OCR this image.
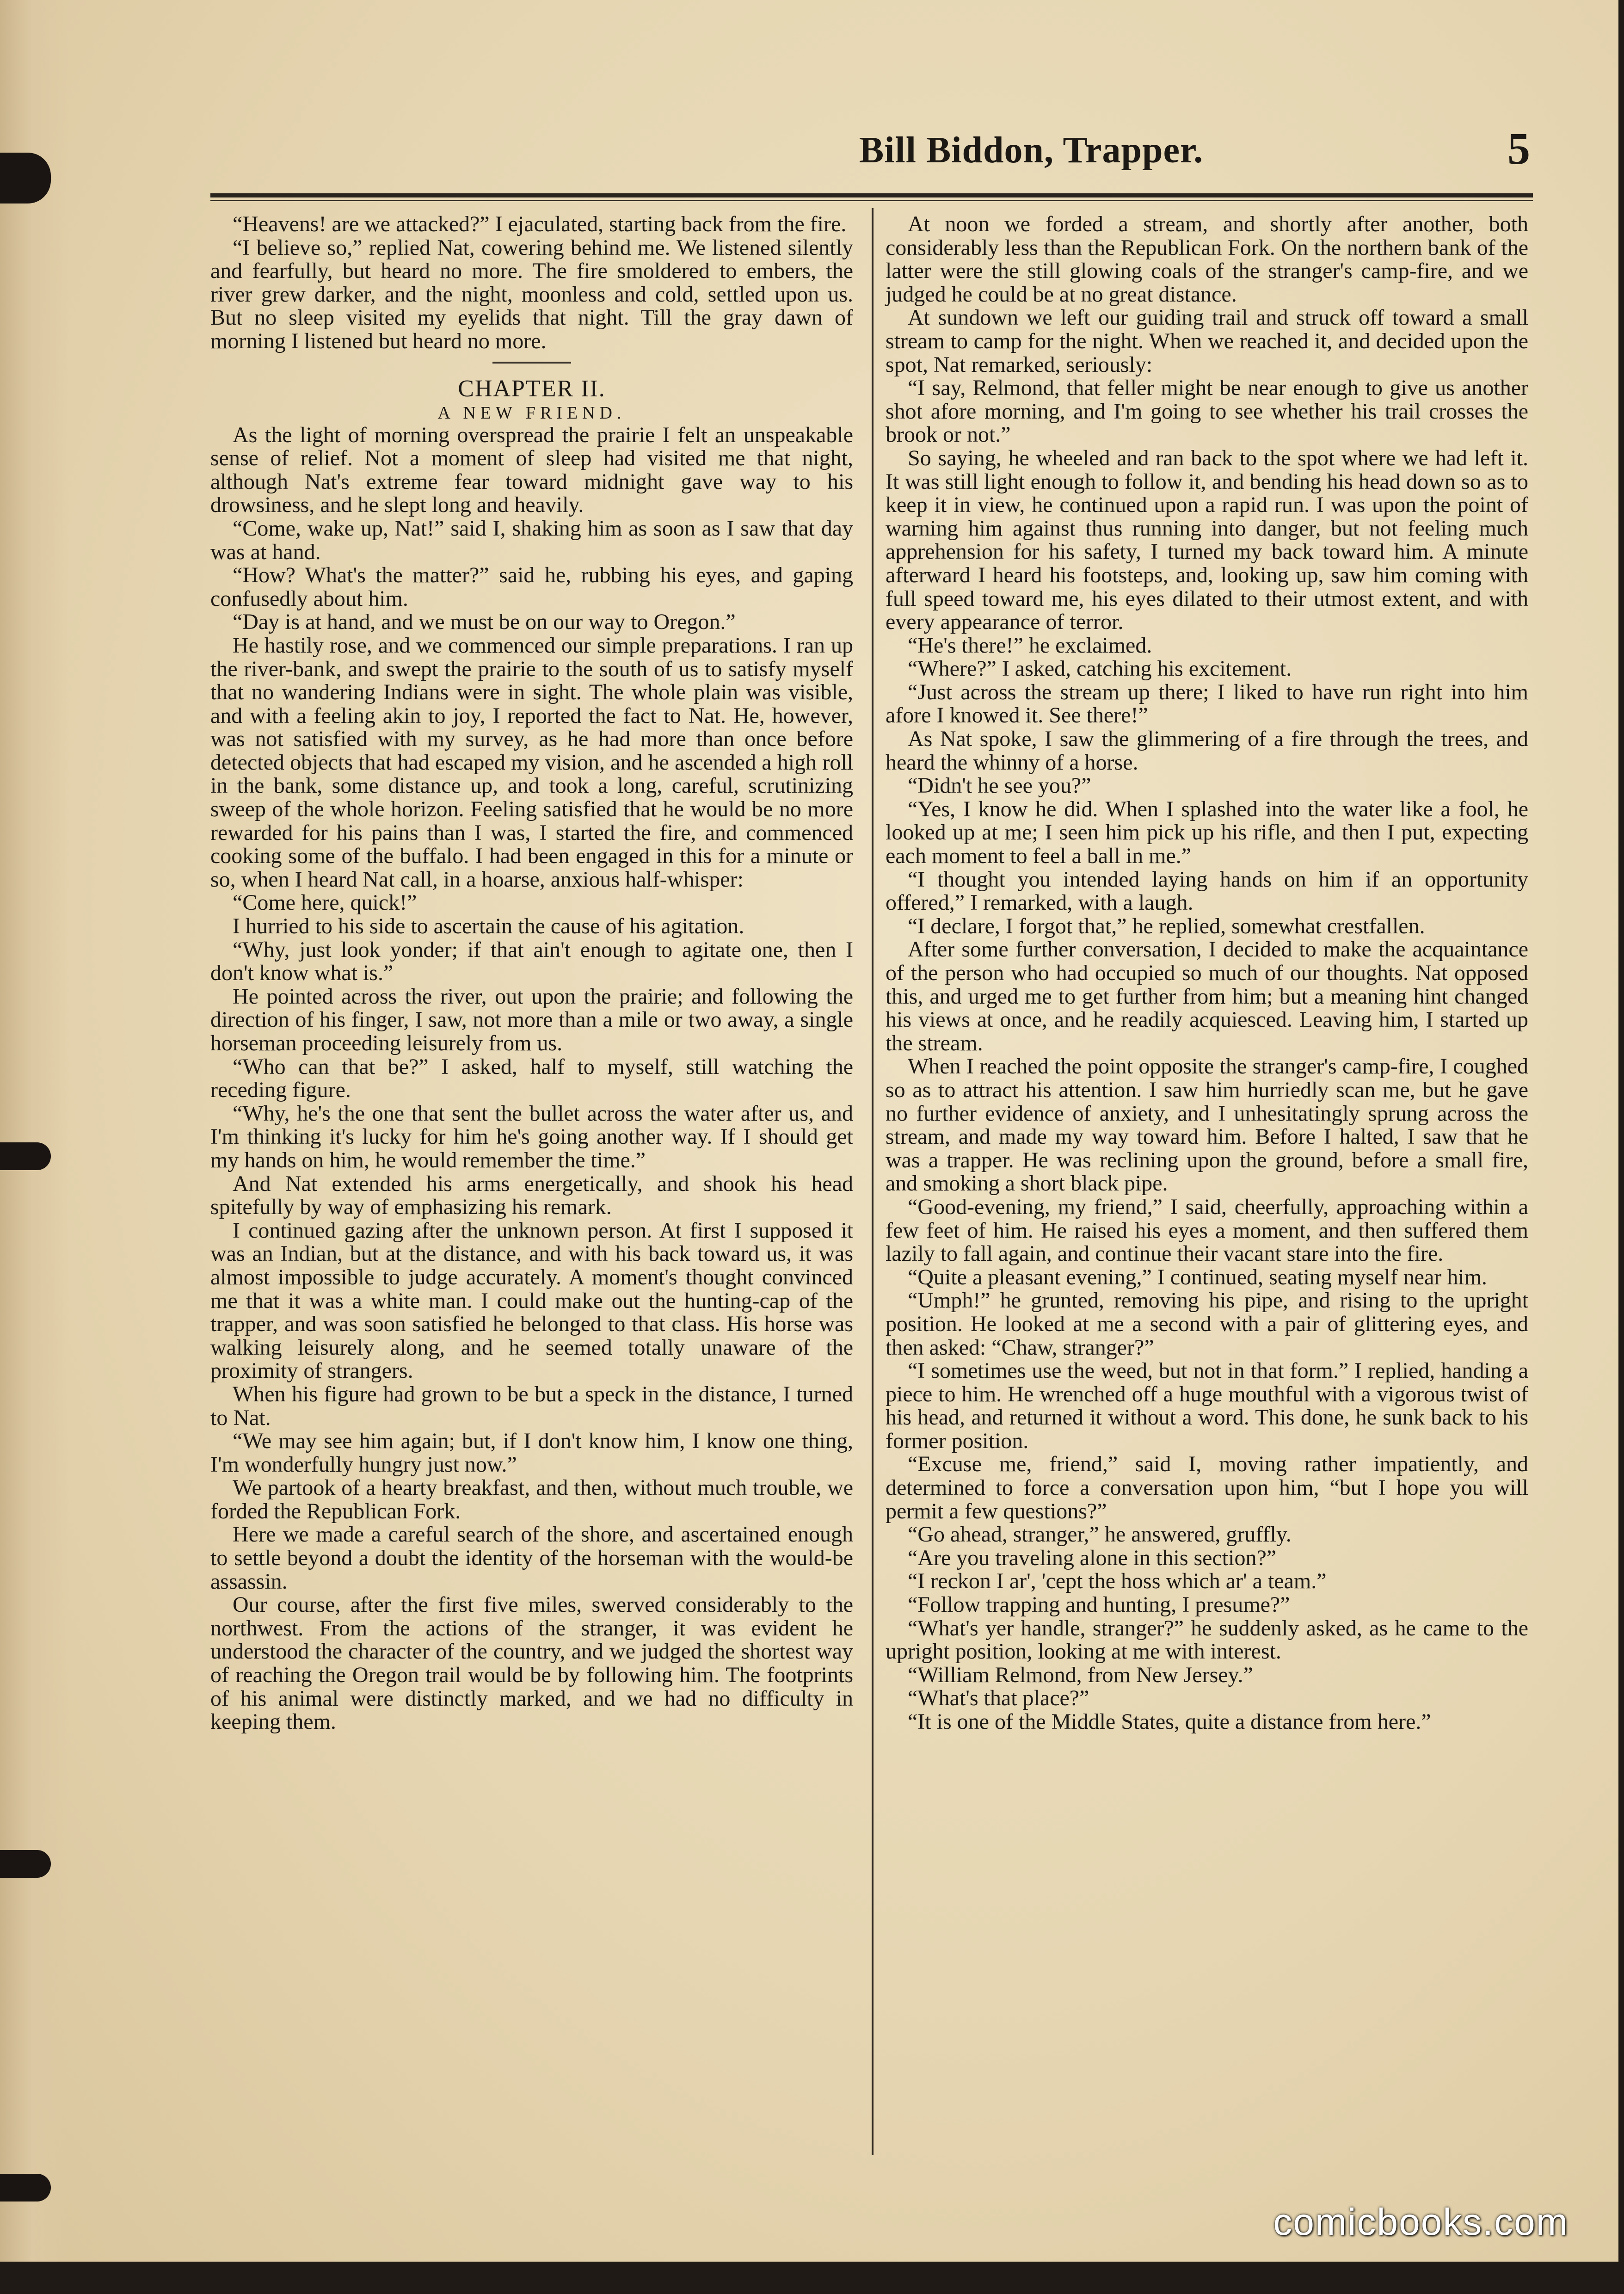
Bill Biddon, Trapper.	5

“Heavens! are we attacked?” I ejaculated, starting back from the fire.

“I believe so,” replied Nat, cowering behind me. We listened silently and fearfully, but heard no more. The fire smoldered to embers, the river grew darker, and the night, moonless and cold, settled upon us. But no sleep visited my eyelids that night. Till the gray dawn of morning I listened but heard no more.

CHAPTER II.
A NEW FRIEND.

As the light of morning overspread the prairie I felt an unspeakable sense of relief. Not a moment of sleep had visited me that night, although Nat's extreme fear toward midnight gave way to his drowsiness, and he slept long and heavily.

“Come, wake up, Nat!” said I, shaking him as soon as I saw that day was at hand.

“How? What's the matter?” said he, rubbing his eyes, and gaping confusedly about him.

“Day is at hand, and we must be on our way to Oregon.”

He hastily rose, and we commenced our simple preparations. I ran up the river-bank, and swept the prairie to the south of us to satisfy myself that no wandering Indians were in sight. The whole plain was visible, and with a feeling akin to joy, I reported the fact to Nat. He, however, was not satisfied with my survey, as he had more than once before detected objects that had escaped my vision, and he ascended a high roll in the bank, some distance up, and took a long, careful, scrutinizing sweep of the whole horizon. Feeling satisfied that he would be no more rewarded for his pains than I was, I started the fire, and commenced cooking some of the buffalo. I had been engaged in this for a minute or so, when I heard Nat call, in a hoarse, anxious half-whisper:

“Come here, quick!”

I hurried to his side to ascertain the cause of his agitation.

“Why, just look yonder; if that ain't enough to agitate one, then I don't know what is.”

He pointed across the river, out upon the prairie; and following the direction of his finger, I saw, not more than a mile or two away, a single horseman proceeding leisurely from us.

“Who can that be?” I asked, half to myself, still watching the receding figure.

“Why, he's the one that sent the bullet across the water after us, and I'm thinking it's lucky for him he's going another way. If I should get my hands on him, he would remember the time.”

And Nat extended his arms energetically, and shook his head spitefully by way of emphasizing his remark.

I continued gazing after the unknown person. At first I supposed it was an Indian, but at the distance, and with his back toward us, it was almost impossible to judge accurately. A moment's thought convinced me that it was a white man. I could make out the hunting-cap of the trapper, and was soon satisfied he belonged to that class. His horse was walking leisurely along, and he seemed totally unaware of the proximity of strangers.

When his figure had grown to be but a speck in the distance, I turned to Nat.

“We may see him again; but, if I don't know him, I know one thing, I'm wonderfully hungry just now.”

We partook of a hearty breakfast, and then, without much trouble, we forded the Republican Fork.

Here we made a careful search of the shore, and ascertained enough to settle beyond a doubt the identity of the horseman with the would-be assassin.

Our course, after the first five miles, swerved considerably to the northwest. From the actions of the stranger, it was evident he understood the character of the country, and we judged the shortest way of reaching the Oregon trail would be by following him. The footprints of his animal were distinctly marked, and we had no difficulty in keeping them.

At noon we forded a stream, and shortly after another, both considerably less than the Republican Fork. On the northern bank of the latter were the still glowing coals of the stranger's camp-fire, and we judged he could be at no great distance.

At sundown we left our guiding trail and struck off toward a small stream to camp for the night. When we reached it, and decided upon the spot, Nat remarked, seriously:

“I say, Relmond, that feller might be near enough to give us another shot afore morning, and I'm going to see whether his trail crosses the brook or not.”

So saying, he wheeled and ran back to the spot where we had left it. It was still light enough to follow it, and bending his head down so as to keep it in view, he continued upon a rapid run. I was upon the point of warning him against thus running into danger, but not feeling much apprehension for his safety, I turned my back toward him. A minute afterward I heard his footsteps, and, looking up, saw him coming with full speed toward me, his eyes dilated to their utmost extent, and with every appearance of terror.

“He's there!” he exclaimed.

“Where?” I asked, catching his excitement.

“Just across the stream up there; I liked to have run right into him afore I knowed it. See there!”

As Nat spoke, I saw the glimmering of a fire through the trees, and heard the whinny of a horse.

“Didn't he see you?”

“Yes, I know he did. When I splashed into the water like a fool, he looked up at me; I seen him pick up his rifle, and then I put, expecting each moment to feel a ball in me.”

“I thought you intended laying hands on him if an opportunity offered,” I remarked, with a laugh.

“I declare, I forgot that,” he replied, somewhat crestfallen.

After some further conversation, I decided to make the acquaintance of the person who had occupied so much of our thoughts. Nat opposed this, and urged me to get further from him; but a meaning hint changed his views at once, and he readily acquiesced. Leaving him, I started up the stream.

When I reached the point opposite the stranger's camp-fire, I coughed so as to attract his attention. I saw him hurriedly scan me, but he gave no further evidence of anxiety, and I unhesitatingly sprung across the stream, and made my way toward him. Before I halted, I saw that he was a trapper. He was reclining upon the ground, before a small fire, and smoking a short black pipe.

“Good-evening, my friend,” I said, cheerfully, approaching within a few feet of him. He raised his eyes a moment, and then suffered them lazily to fall again, and continue their vacant stare into the fire.

“Quite a pleasant evening,” I continued, seating myself near him.

“Umph!” he grunted, removing his pipe, and rising to the upright position. He looked at me a second with a pair of glittering eyes, and then asked: “Chaw, stranger?”

“I sometimes use the weed, but not in that form.” I replied, handing a piece to him. He wrenched off a huge mouthful with a vigorous twist of his head, and returned it without a word. This done, he sunk back to his former position.

“Excuse me, friend,” said I, moving rather impatiently, and determined to force a conversation upon him, “but I hope you will permit a few questions?”

“Go ahead, stranger,” he answered, gruffly.

“Are you traveling alone in this section?”

“I reckon I ar', 'cept the hoss which ar' a team.”

“Follow trapping and hunting, I presume?”

“What's yer handle, stranger?” he suddenly asked, as he came to the upright position, looking at me with interest.

“William Relmond, from New Jersey.”

“What's that place?”

“It is one of the Middle States, quite a distance from here.”

comicbooks.com
